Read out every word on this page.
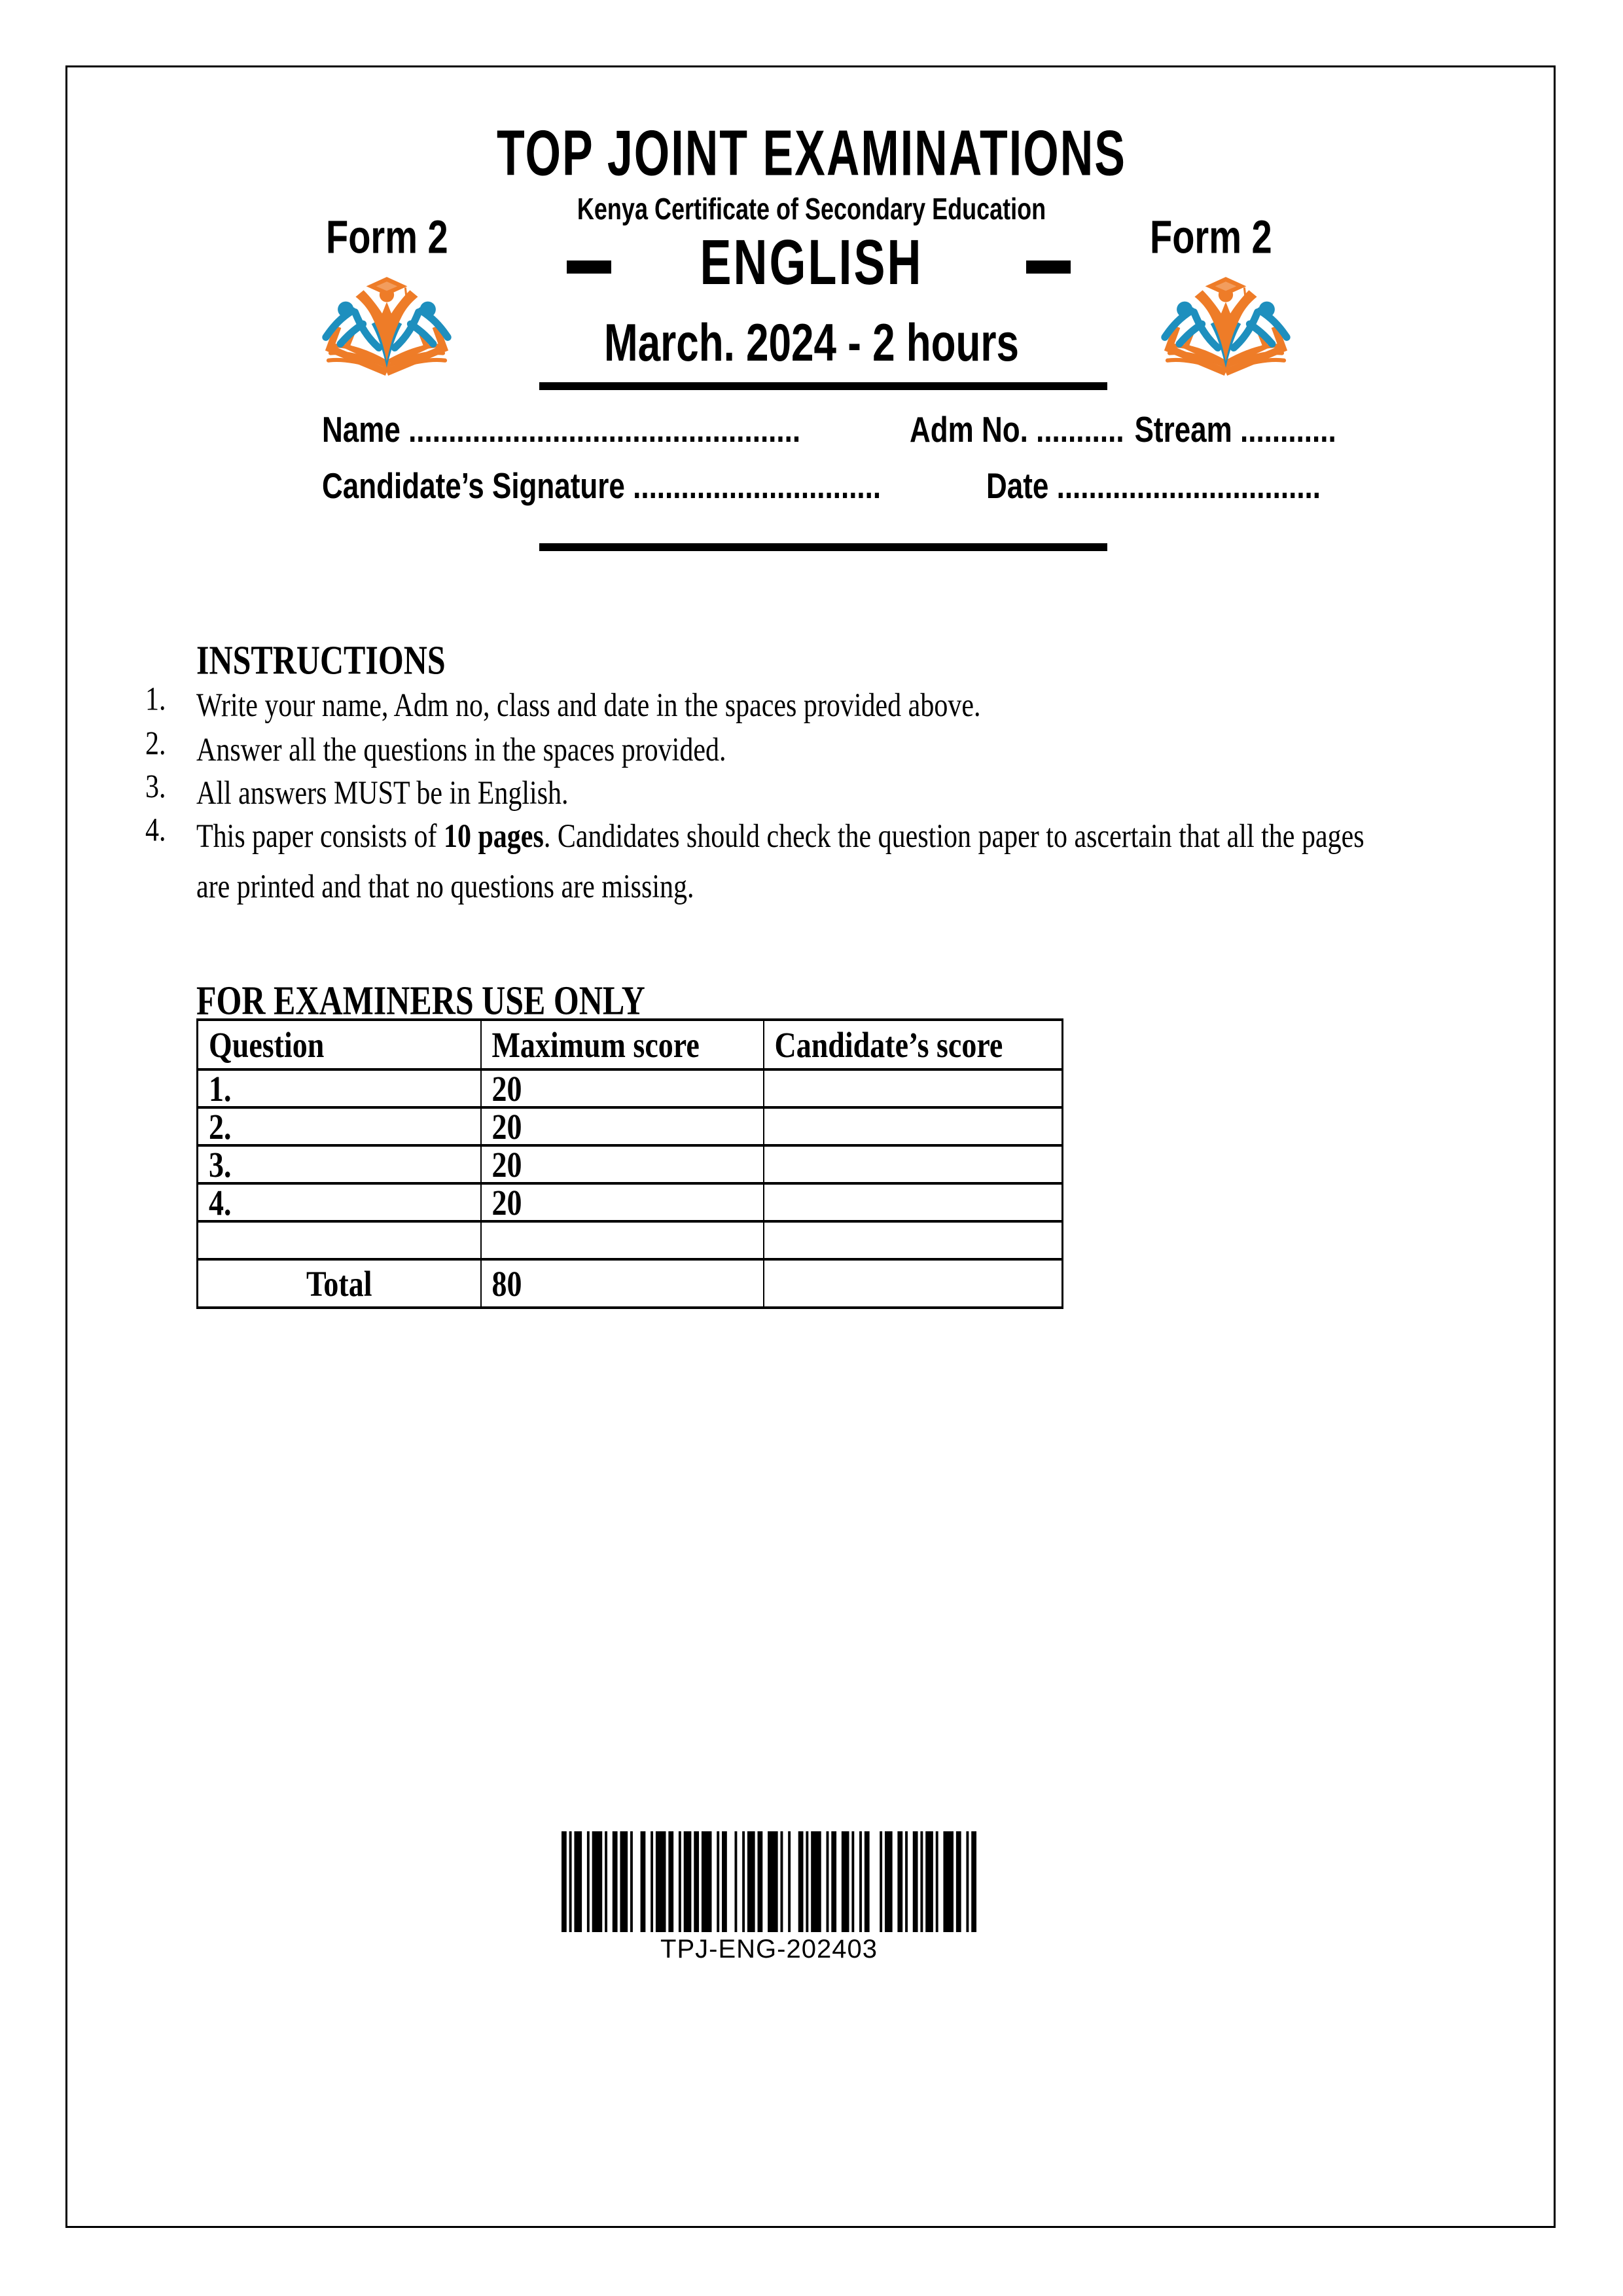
TOP JOINT EXAMINATIONS
Kenya Certificate of Secondary Education
Form 2	Form 2
ENGLISH
March. 2024 - 2 hours
Name .................................................	Adm No. ........... Stream ............
Candidate’s Signature ...............................	Date .................................
INSTRUCTIONS
1.	Write your name, Adm no, class and date in the spaces provided above.
2.	Answer all the questions in the spaces provided.
3.	All answers MUST be in English.
4.	This paper consists of 10 pages. Candidates should check the question paper to ascertain that all the pages are printed and that no questions are missing.
FOR EXAMINERS USE ONLY
Question	Maximum score	Candidate’s score
1.	20	
2.	20	
3.	20	
4.	20	

Total	80	
TPJ-ENG-202403
